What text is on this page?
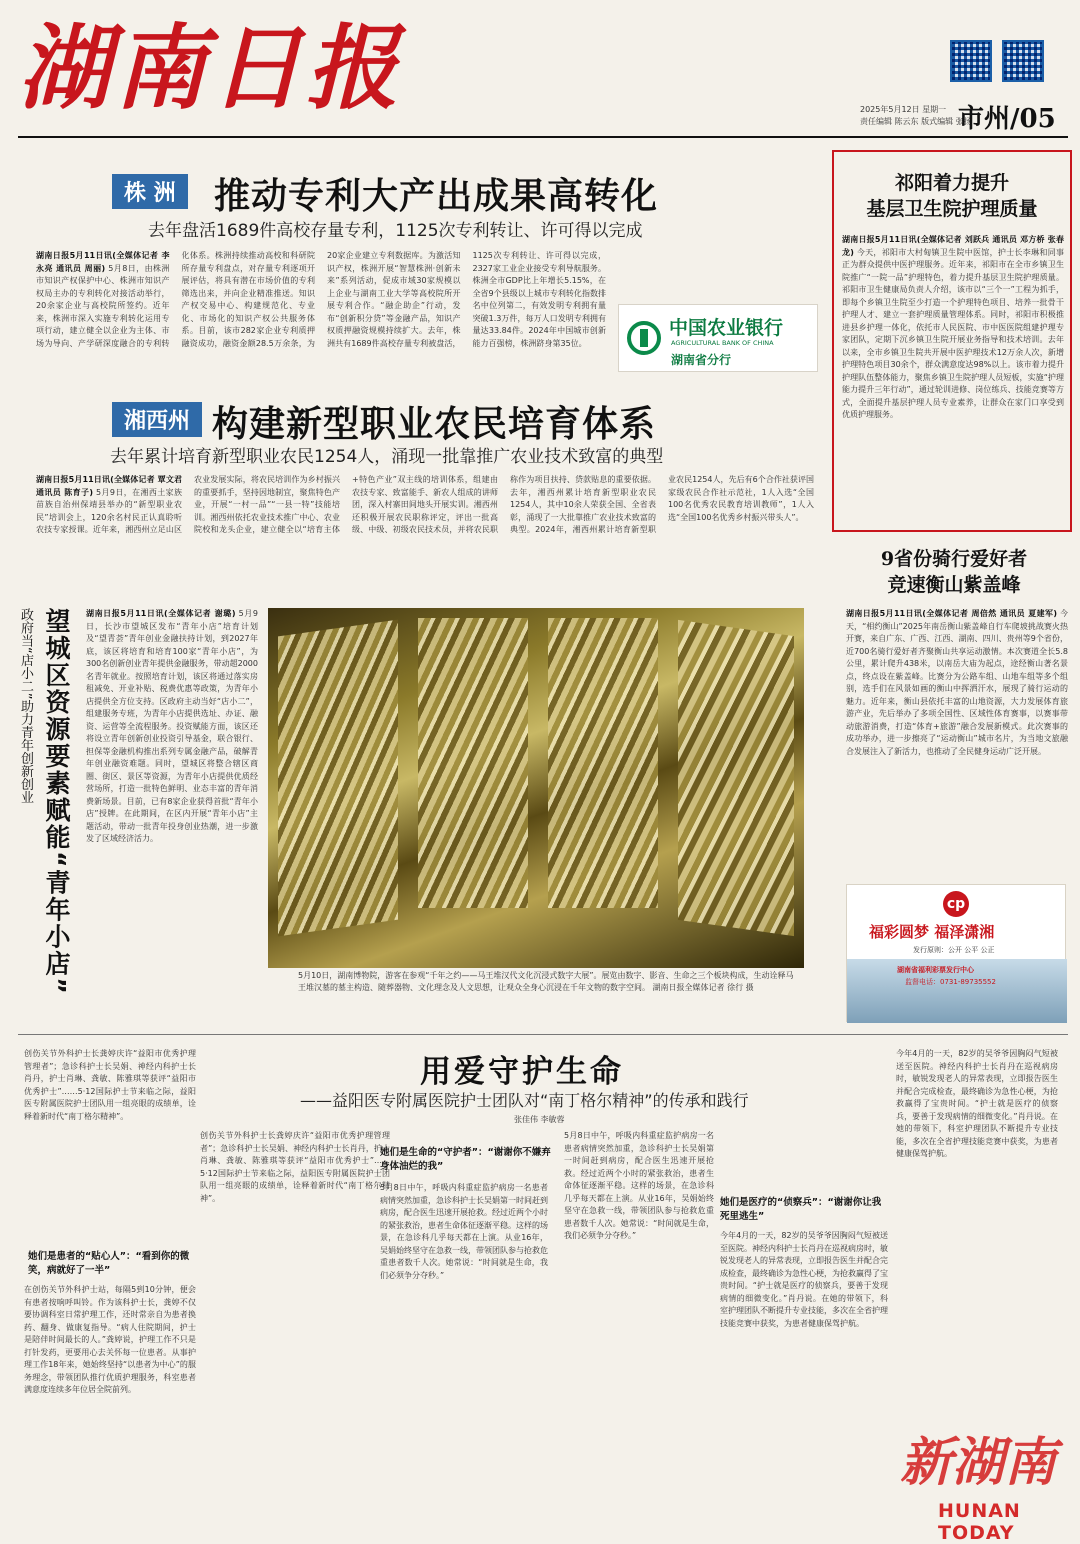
湖南日报	2025年5月12日 星期一
责任编辑 陈云东 版式编辑 张扬
市州/05
株 洲	推动专利大产出成果高转化
去年盘活1689件高校存量专利，1125次专利转让、许可得以完成
湖南日报5月11日讯(全媒体记者 李永亮 通讯员 周丽) 5月8日，由株洲市知识产权保护中心、株洲市知识产权局主办的专利转化对接活动举行，20余家企业与高校院所签约。近年来，株洲市深入实施专利转化运用专项行动，建立健全以企业为主体、市场为导向、产学研深度融合的专利转化体系。株洲持续推动高校和科研院所存量专利盘点，对存量专利逐项开展评估，将具有潜在市场价值的专利筛选出来，并向企业精准推送。知识产权交易中心、构建规范化、专业化、市场化的知识产权公共服务体系。目前，该市282家企业专利质押融资成功，融资金额28.5万余条，为20家企业建立专利数据库。为激活知识产权，株洲开展“智慧株洲·创新未来”系列活动，促成市域30家规模以上企业与湖南工业大学等高校院所开展专利合作。“融企助企”行动，发布“创新积分贷”等金融产品，知识产权质押融资规模持续扩大。去年，株洲共有1689件高校存量专利被盘活，1125次专利转让、许可得以完成，2327家工业企业接受专利导航服务。株洲全市GDP比上年增长5.15%，在全省9个县级以上城市专利转化指数排名中位列第二，有效发明专利拥有量突破1.3万件，每万人口发明专利拥有量达33.84件。2024年中国城市创新能力百强榜，株洲跻身第35位。
中国农业银行
AGRICULTURAL BANK OF CHINA
湖南省分行
湘西州 构建新型职业农民培育体系
去年累计培育新型职业农民1254人，涌现一批靠推广农业技术致富的典型
湖南日报5月11日讯(全媒体记者 覃文君 通讯员 陈育子) 5月9日，在湘西土家族苗族自治州保靖县举办的“新型职业农民”培训会上，120余名村民正认真聆听农技专家授课。近年来，湘西州立足山区农业发展实际，将农民培训作为乡村振兴的重要抓手，坚持因地制宜，聚焦特色产业，开展“一村一品”“一县一特”技能培训。湘西州依托农业技术推广中心、农业院校和龙头企业，建立健全以“培育主体+特色产业”双主线的培训体系，组建由农技专家、致富能手、新农人组成的讲师团，深入村寨田间地头开展实训。湘西州还积极开展农民职称评定，评出一批高级、中级、初级农民技术员，并将农民职称作为项目扶持、贷款贴息的重要依据。去年，湘西州累计培育新型职业农民1254人，其中10余人荣获全国、全省表彰，涌现了一大批靠推广农业技术致富的典型。2024年，湘西州累计培育新型职业农民1254人，先后有6个合作社获评国家级农民合作社示范社，1人入选“全国100名优秀农民教育培训教师”，1人入选“全国100名优秀乡村振兴带头人”。
祁阳着力提升
基层卫生院护理质量
湖南日报5月11日讯(全媒体记者 刘跃兵 通讯员 邓方桥 张春龙) 今天，祁阳市大村甸镇卫生院中医馆，护士长李琳和同事正为群众提供中医护理服务。近年来，祁阳市在全市乡镇卫生院推广“一院一品”护理特色，着力提升基层卫生院护理质量。祁阳市卫生健康局负责人介绍，该市以“三个一”工程为抓手，即每个乡镇卫生院至少打造一个护理特色项目、培养一批骨干护理人才、建立一套护理质量管理体系。同时，祁阳市积极推进县乡护理一体化，依托市人民医院、市中医医院组建护理专家团队，定期下沉乡镇卫生院开展业务指导和技术培训。去年以来，全市乡镇卫生院共开展中医护理技术12万余人次，新增护理特色项目30余个，群众满意度达98%以上。该市着力提升护理队伍整体能力，聚焦乡镇卫生院护理人员短板，实施“护理能力提升三年行动”，通过轮训进修、岗位练兵、技能竞赛等方式，全面提升基层护理人员专业素养，让群众在家门口享受到优质护理服务。
9省份骑行爱好者
竞速衡山紫盖峰
湖南日报5月11日讯(全媒体记者 周倍然 通讯员 夏建军) 今天，“相约衡山”2025年南岳衡山紫盖峰自行车爬坡挑战赛火热开赛，来自广东、广西、江西、湖南、四川、贵州等9个省份，近700名骑行爱好者齐聚衡山共享运动激情。本次赛道全长5.8公里，累计爬升438米，以南岳大庙为起点，途经衡山著名景点，终点设在紫盖峰。比赛分为公路车组、山地车组等多个组别，选手们在风景如画的衡山中挥洒汗水，展现了骑行运动的魅力。近年来，衡山县依托丰富的山地资源，大力发展体育旅游产业，先后举办了多项全国性、区域性体育赛事，以赛事带动旅游消费，打造“体育+旅游”融合发展新模式。此次赛事的成功举办，进一步擦亮了“运动衡山”城市名片，为当地文旅融合发展注入了新活力，也推动了全民健身运动广泛开展。
cp
福彩圆梦 福泽潇湘
发行原则：公开 公平 公正
湖南省福利彩票发行中心
监督电话：0731-89735552
政府当“店小二”助力青年创新创业 望城区资源要素赋能“青年小店”	湖南日报5月11日讯(全媒体记者 谢璐) 5月9日，长沙市望城区发布“青年小店”培育计划及“望青荟”青年创业金融扶持计划，到2027年底，该区将培育和培育100家“青年小店”，为300名创新创业青年提供金融服务，带动超2000名青年就业。按照培育计划，该区将通过落实房租减免、开业补贴、税费优惠等政策，为青年小店提供全方位支持。区政府主动当好“店小二”，组建服务专班，为青年小店提供选址、办证、融资、运营等全流程服务。投资赋能方面，该区还将设立青年创新创业投资引导基金，联合银行、担保等金融机构推出系列专属金融产品，破解青年创业融资难题。同时，望城区将整合辖区商圈、街区、景区等资源，为青年小店提供优质经营场所，打造一批特色鲜明、业态丰富的青年消费新场景。目前，已有8家企业获得首批“青年小店”授牌。在此期间，在区内开展“青年小店”主题活动，带动一批青年投身创业热潮，进一步激发了区域经济活力。
5月10日，湖南博物院，游客在参观“千年之约——马王堆汉代文化沉浸式数字大展”。展览由数字、影音、生命之三个板块构成，生动诠释马王堆汉墓的墓主构造、随葬器物、文化理念及人文思想，让观众全身心沉浸在千年文物的数字空间。 湖南日报全媒体记者 徐行 摄
用爱守护生命
——益阳医专附属医院护士团队对“南丁格尔精神”的传承和践行
张佳伟 李敏蓉
创伤关节外科护士长龚婷庆许“益阳市优秀护理管理者”；急诊科护士长吴娟、神经内科护士长肖丹，护士肖琳、龚敏、陈雅琪等获评“益阳市优秀护士”……5·12国际护士节来临之际，益阳医专附属医院护士团队用一组亮眼的成绩单，诠释着新时代“南丁格尔精神”。
创伤关节外科护士长龚婷庆许“益阳市优秀护理管理者”；急诊科护士长吴娟、神经内科护士长肖丹，护士肖琳、龚敏、陈雅琪等获评“益阳市优秀护士”……5·12国际护士节来临之际，益阳医专附属医院护士团队用一组亮眼的成绩单，诠释着新时代“南丁格尔精神”。
她们是患者的“贴心人”：“看到你的微笑，病就好了一半”
在创伤关节外科护士站，每隔5到10分钟，便会有患者按响呼叫铃。作为该科护士长，龚婷不仅要协调科室日常护理工作，还时常亲自为患者换药、翻身、做康复指导。“病人住院期间，护士是陪伴时间最长的人。”龚婷说，护理工作不只是打针发药，更要用心去关怀每一位患者。从事护理工作18年来，她始终坚持“以患者为中心”的服务理念，带领团队推行优质护理服务，科室患者满意度连续多年位居全院前列。
她们是生命的“守护者”：“谢谢你不嫌弃身体油烂的我”
5月8日中午，呼吸内科重症监护病房一名患者病情突然加重，急诊科护士长吴娟第一时间赶到病房，配合医生迅速开展抢救。经过近两个小时的紧张救治，患者生命体征逐渐平稳。这样的场景，在急诊科几乎每天都在上演。从业16年，吴娟始终坚守在急救一线，带领团队参与抢救危重患者数千人次。她常说：“时间就是生命，我们必须争分夺秒。”
她们是医疗的“侦察兵”：“谢谢你让我死里逃生”
今年4月的一天，82岁的吴爷爷因胸闷气短被送至医院。神经内科护士长肖丹在巡视病房时，敏锐发现老人的异常表现，立即报告医生并配合完成检查，最终确诊为急性心梗，为抢救赢得了宝贵时间。“护士就是医疗的侦察兵，要善于发现病情的细微变化。”肖丹说。在她的带领下，科室护理团队不断提升专业技能，多次在全省护理技能竞赛中获奖，为患者健康保驾护航。
5月8日中午，呼吸内科重症监护病房一名患者病情突然加重，急诊科护士长吴娟第一时间赶到病房，配合医生迅速开展抢救。经过近两个小时的紧张救治，患者生命体征逐渐平稳。这样的场景，在急诊科几乎每天都在上演。从业16年，吴娟始终坚守在急救一线，带领团队参与抢救危重患者数千人次。她常说：“时间就是生命，我们必须争分夺秒。”
今年4月的一天，82岁的吴爷爷因胸闷气短被送至医院。神经内科护士长肖丹在巡视病房时，敏锐发现老人的异常表现，立即报告医生并配合完成检查，最终确诊为急性心梗，为抢救赢得了宝贵时间。“护士就是医疗的侦察兵，要善于发现病情的细微变化。”肖丹说。在她的带领下，科室护理团队不断提升专业技能，多次在全省护理技能竞赛中获奖，为患者健康保驾护航。
新湖南
HUNAN TODAY
